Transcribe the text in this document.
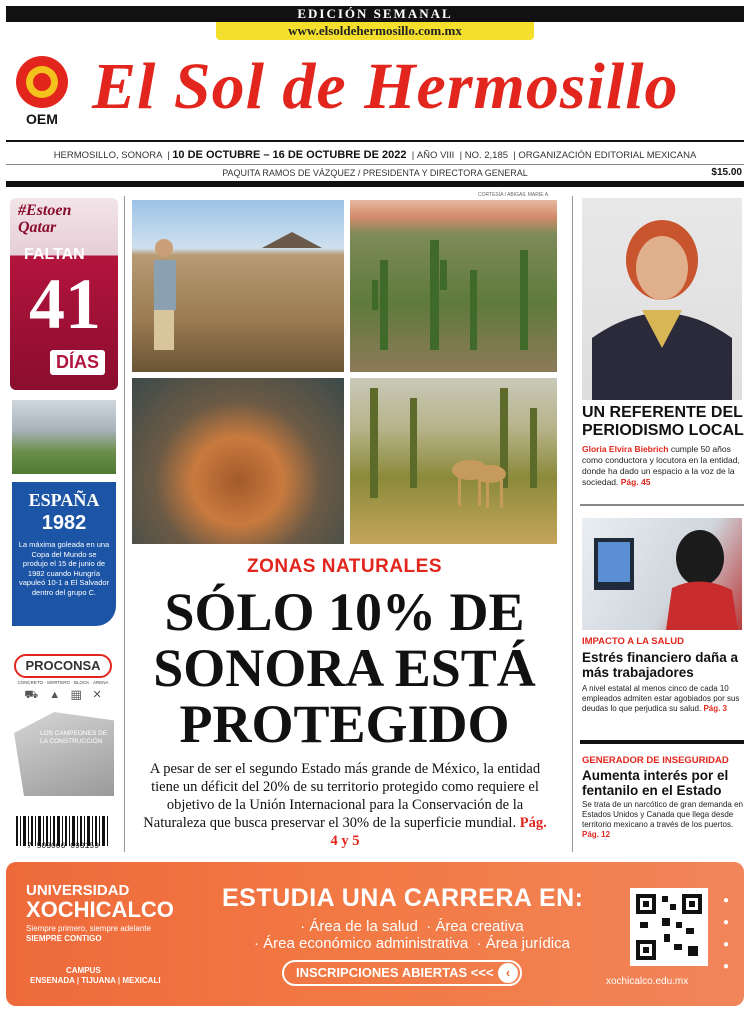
EDICIÓN SEMANAL
www.elsoldehermosillo.com.mx
OEM El Sol de Hermosillo
HERMOSILLO, SONORA  | 10 DE OCTUBRE – 16 DE OCTUBRE DE 2022  | AÑO VIII  | NO. 2,185  | ORGANIZACIÓN EDITORIAL MEXICANA
PAQUITA RAMOS DE VÁZQUEZ / PRESIDENTA Y DIRECTORA GENERAL	$15.00
#Estoen
Qatar
FALTAN
41
DÍAS
ESPAÑA
1982
La máxima goleada en una Copa del Mundo se produjo el 15 de junio de 1982 cuando Hungría vapuleó 10-1 a El Salvador dentro del grupo C.
PROCONSA
CONCRETO · MORTERO · BLOCK · ARENA
⛟ ▲ ▦ ✕
LOS CAMPEONES DE LA CONSTRUCCIÓN
7 503006 093159
CORTESÍA / ABIGAIL MARIE A.
ZONAS NATURALES
SÓLO 10% DE
SONORA ESTÁ
PROTEGIDO
A pesar de ser el segundo Estado más grande de México, la entidad tiene un déficit del 20% de su territorio protegido como requiere el objetivo de la Unión Internacional para la Conservación de la Naturaleza que busca preservar el 30% de la superficie mundial. Pág. 4 y 5
UN REFERENTE DEL PERIODISMO LOCAL
Gloria Elvira Biebrich cumple 50 años como conductora y locutora en la entidad, donde ha dado un espacio a la voz de la sociedad. Pág. 45
IMPACTO A LA SALUD
Estrés financiero daña a más trabajadores
A nivel estatal al menos cinco de cada 10 empleados admiten estar agobiados por sus deudas lo que perjudica su salud. Pág. 3
GENERADOR DE INSEGURIDAD
Aumenta interés por el fentanilo en el Estado
Se trata de un narcótico de gran demanda en Estados Unidos y Canada que llega desde territorio mexicano a través de los puertos. Pág. 12
UNIVERSIDAD
XOCHICALCO
Siempre primero, siempre adelante
SIEMPRE CONTIGO
CAMPUS
ENSENADA | TIJUANA | MEXICALI
ESTUDIA UNA CARRERA EN:
· Área de la salud · Área creativa
· Área económico administrativa · Área jurídica
INSCRIPCIONES ABIERTAS <<< ‹
●
●
●
●
xochicalco.edu.mx
